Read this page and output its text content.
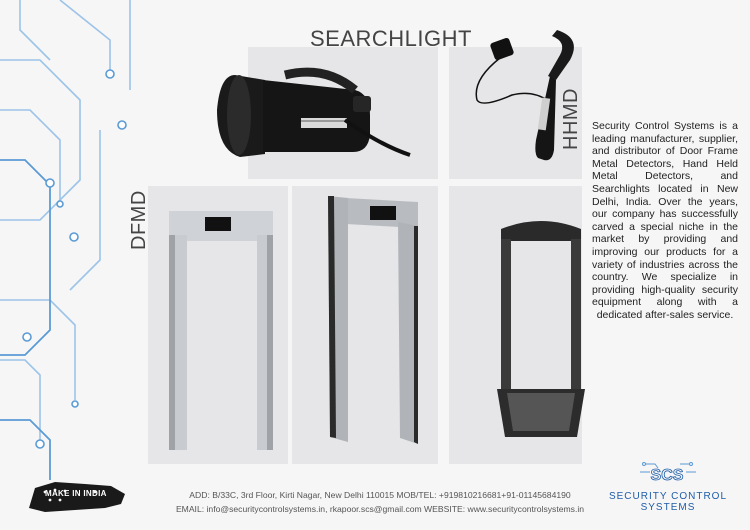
SEARCHLIGHT
HHMD
DFMD
Security Control Systems is a leading manufacturer, supplier, and distributor of Door Frame Metal Detectors, Hand Held Metal Detectors, and Searchlights located in New Delhi, India. Over the years, our company has successfully carved a special niche in the market by providing and improving our products for a variety of industries across the country. We specialize in providing high-quality security equipment along with a dedicated after-sales service.
MAKE IN INDIA	ADD: B/33C, 3rd Floor, Kirti Nagar, New Delhi 110015 MOB/TEL: +919810216681+91-01145684190
EMAIL: info@securitycontrolsystems.in, rkapoor.scs@gmail.com WEBSITE: www.securitycontrolsystems.in
SCS
SECURITY CONTROL
SYSTEMS
